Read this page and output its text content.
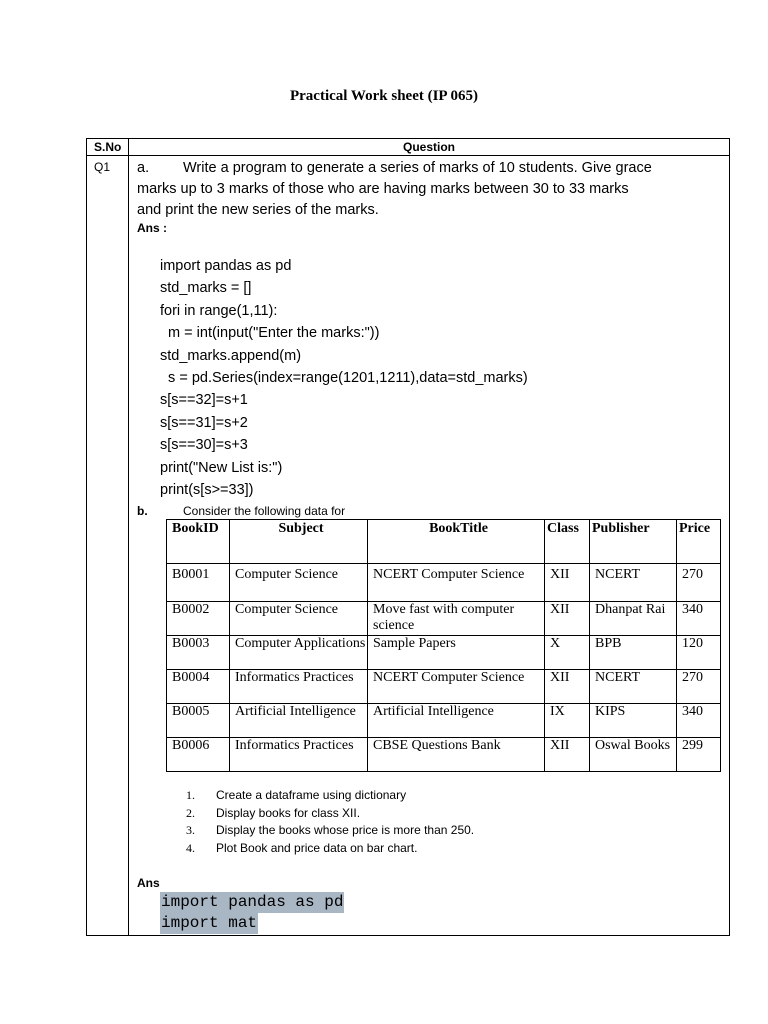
Practical Work sheet (IP 065)
S.No	Question
Q1 a. Write a program to generate a series of marks of 10 students. Give grace
marks up to 3 marks of those who are having marks between 30 to 33 marks
and print the new series of the marks.
Ans :
import pandas as pd
std_marks = []
fori in range(1,11):
m = int(input("Enter the marks:"))
std_marks.append(m)
s = pd.Series(index=range(1201,1211),data=std_marks)
s[s==32]=s+1
s[s==31]=s+2
s[s==30]=s+3
print("New List is:")
print(s[s>=33])
b.	Consider the following data for
BookID	Subject	BookTitle	Class	Publisher	Price
B0001	Computer Science	NCERT Computer Science	XII	NCERT	270
B0002	Computer Science	Move fast with computer science	XII	Dhanpat Rai	340
B0003	Computer Applications	Sample Papers	X	BPB	120
B0004	Informatics Practices	NCERT Computer Science	XII	NCERT	270
B0005	Artificial Intelligence	Artificial Intelligence	IX	KIPS	340
B0006	Informatics Practices	CBSE Questions Bank	XII	Oswal Books	299
1. Create a dataframe using dictionary
2. Display books for class XII.
3. Display the books whose price is more than 250.
4. Plot Book and price data on bar chart.
Ans
import pandas as pd
import mat
